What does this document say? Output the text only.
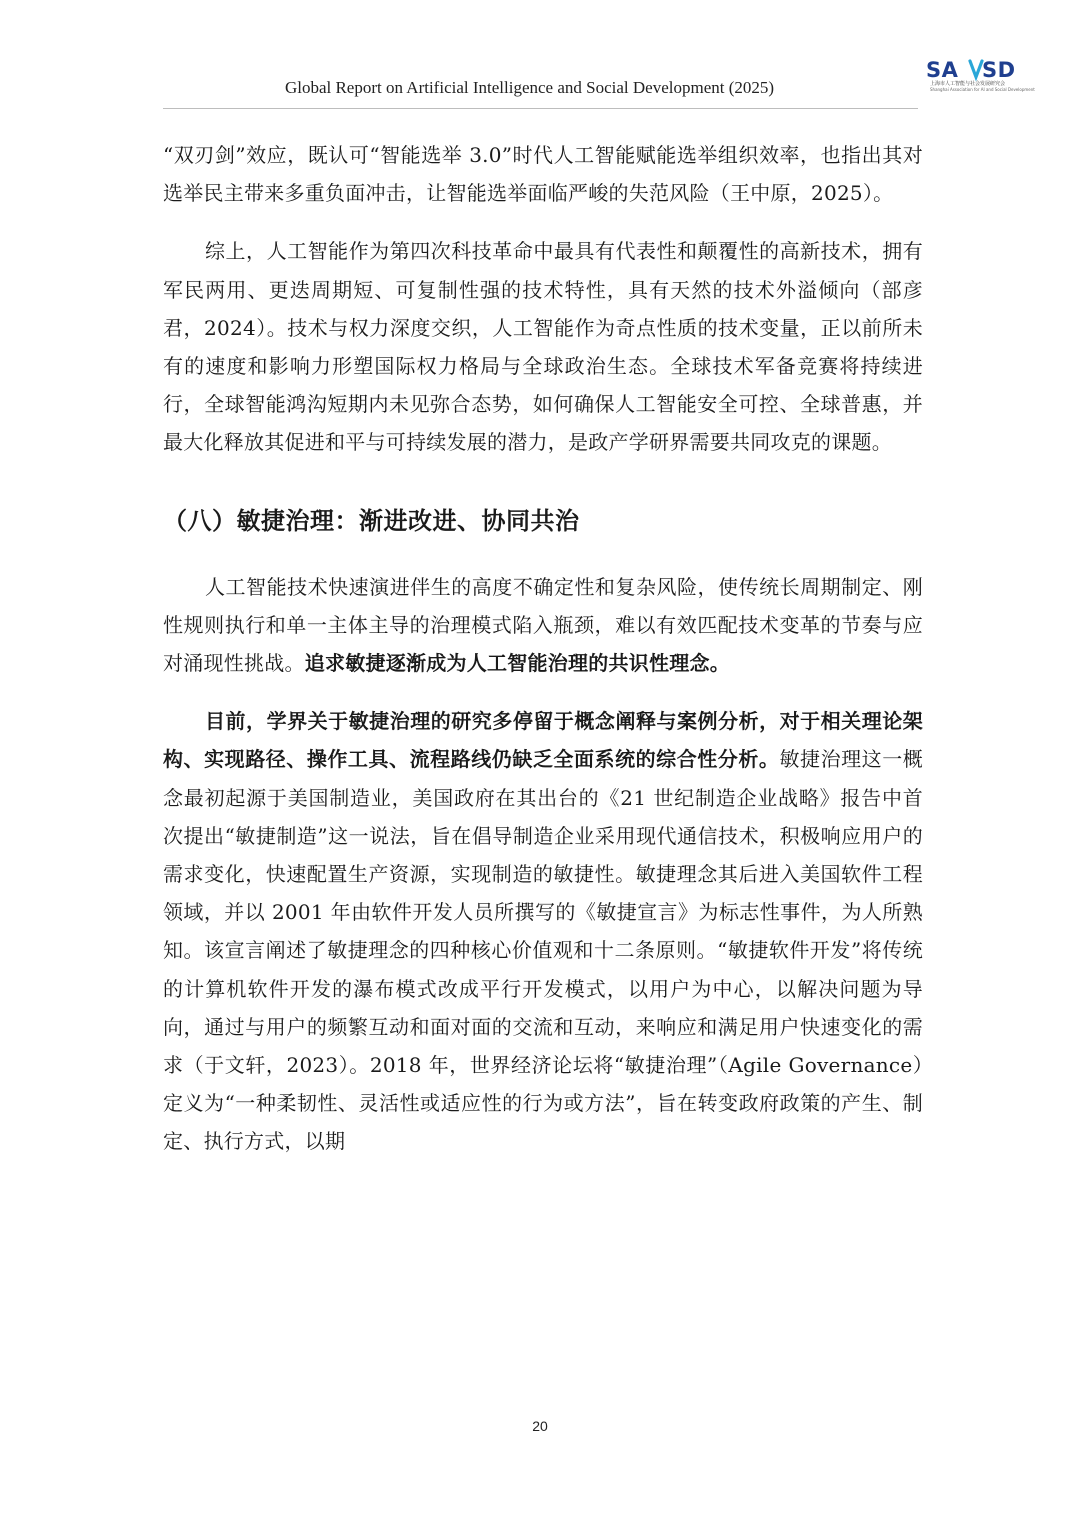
Global Report on Artificial Intelligence and Social Development (2025)
SA SD
上海市人工智能与社会发展研究会
Shanghai Association for AI and Social Development

“双刃剑”效应，既认可“智能选举 3.0”时代人工智能赋能选举组织效率，也指出其对选举民主带来多重负面冲击，让智能选举面临严峻的失范风险（王中原，2025）。

综上，人工智能作为第四次科技革命中最具有代表性和颠覆性的高新技术，拥有军民两用、更迭周期短、可复制性强的技术特性，具有天然的技术外溢倾向（部彦君，2024）。技术与权力深度交织，人工智能作为奇点性质的技术变量，正以前所未有的速度和影响力形塑国际权力格局与全球政治生态。全球技术军备竞赛将持续进行，全球智能鸿沟短期内未见弥合态势，如何确保人工智能安全可控、全球普惠，并最大化释放其促进和平与可持续发展的潜力，是政产学研界需要共同攻克的课题。

（八）敏捷治理：渐进改进、协同共治

人工智能技术快速演进伴生的高度不确定性和复杂风险，使传统长周期制定、刚性规则执行和单一主体主导的治理模式陷入瓶颈，难以有效匹配技术变革的节奏与应对涌现性挑战。追求敏捷逐渐成为人工智能治理的共识性理念。

目前，学界关于敏捷治理的研究多停留于概念阐释与案例分析，对于相关理论架构、实现路径、操作工具、流程路线仍缺乏全面系统的综合性分析。敏捷治理这一概念最初起源于美国制造业，美国政府在其出台的《21 世纪制造企业战略》报告中首次提出“敏捷制造”这一说法，旨在倡导制造企业采用现代通信技术，积极响应用户的需求变化，快速配置生产资源，实现制造的敏捷性。敏捷理念其后进入美国软件工程领域，并以 2001 年由软件开发人员所撰写的《敏捷宣言》为标志性事件，为人所熟知。该宣言阐述了敏捷理念的四种核心价值观和十二条原则。“敏捷软件开发”将传统的计算机软件开发的瀑布模式改成平行开发模式，以用户为中心，以解决问题为导向，通过与用户的频繁互动和面对面的交流和互动，来响应和满足用户快速变化的需求（于文轩，2023）。2018 年，世界经济论坛将“敏捷治理”（Agile Governance）定义为“一种柔韧性、灵活性或适应性的行为或方法”，旨在转变政府政策的产生、制定、执行方式，以期

20
